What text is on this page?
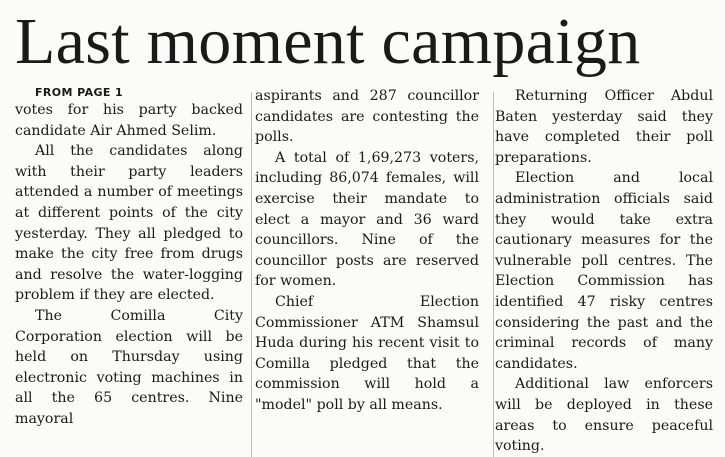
Last moment campaign

FROM PAGE 1

votes for his party backed candidate Air Ahmed Selim.

All the candidates along with their party leaders attended a number of meetings at different points of the city yesterday. They all pledged to make the city free from drugs and resolve the water-logging problem if they are elected.

The Comilla City Corporation election will be held on Thursday using electronic voting machines in all the 65 centres. Nine mayoral

aspirants and 287 councillor candidates are contesting the polls.

A total of 1,69,273 voters, including 86,074 females, will exercise their mandate to elect a mayor and 36 ward councillors. Nine of the councillor posts are reserved for women.

Chief Election Commissioner ATM Shamsul Huda during his recent visit to Comilla pledged that the commission will hold a "model" poll by all means.

Returning Officer Abdul Baten yesterday said they have completed their poll preparations.

Election and local administration officials said they would take extra cautionary measures for the vulnerable poll centres. The Election Commission has identified 47 risky centres considering the past and the criminal records of many candidates.

Additional law enforcers will be deployed in these areas to ensure peaceful voting.
